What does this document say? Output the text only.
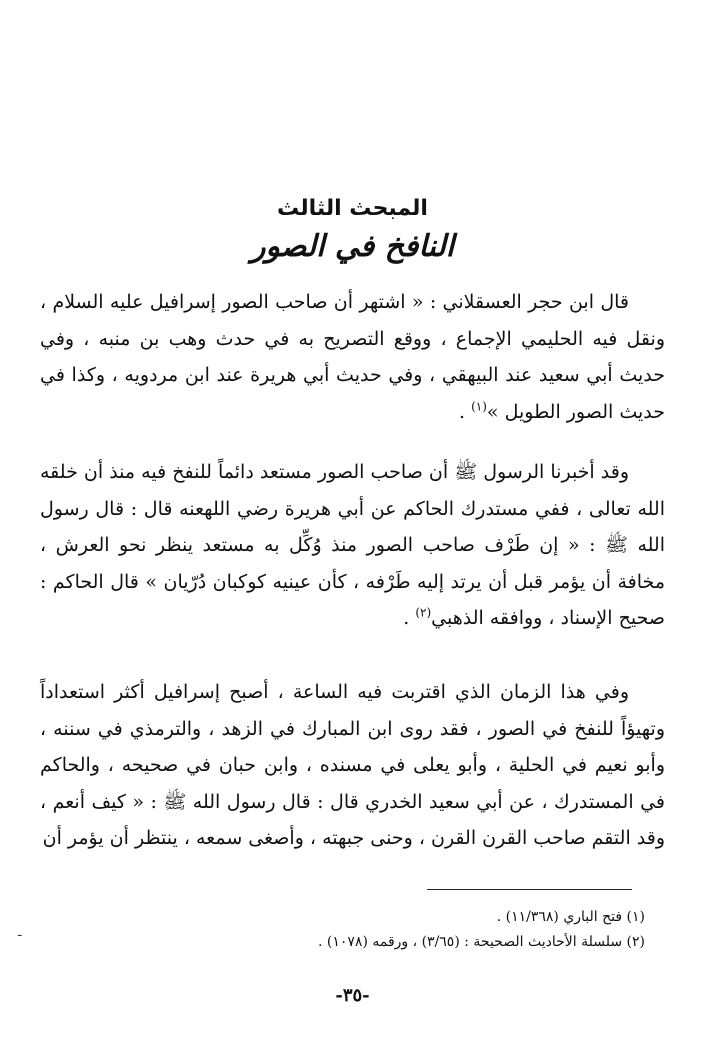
المبحث الثالث
النافخ في الصور

قال ابن حجر العسقلاني : « اشتهر أن صاحب الصور إسرافيل عليه السلام ، ونقل فيه الحليمي الإجماع ، ووقع التصريح به في حدث وهب بن منبه ، وفي حديث أبي سعيد عند البيهقي ، وفي حديث أبي هريرة عند ابن مردويه ، وكذا في حديث الصور الطويل »$^{(١)}$ .

وقد أخبرنا الرسول ﷺ أن صاحب الصور مستعد دائماً للنفخ فيه منذ أن خلقه الله تعالى ، ففي مستدرك الحاكم عن أبي هريرة رضي اللهعنه قال : قال رسول الله ﷺ : « إن طَرْف صاحب الصور منذ وُكِّل به مستعد ينظر نحو العرش ، مخافة أن يؤمر قبل أن يرتد إليه طَرْفه ، كأن عينيه كوكبان دُرّيان » قال الحاكم : صحيح الإسناد ، ووافقه الذهبي$^{(٢)}$ .

وفي هذا الزمان الذي اقتربت فيه الساعة ، أصبح إسرافيل أكثر استعداداً وتهيؤاً للنفخ في الصور ، فقد روى ابن المبارك في الزهد ، والترمذي في سننه ، وأبو نعيم في الحلية ، وأبو يعلى في مسنده ، وابن حبان في صحيحه ، والحاكم في المستدرك ، عن أبي سعيد الخدري قال : قال رسول الله ﷺ : « كيف أنعم ، وقد التقم صاحب القرن القرن ، وحنى جبهته ، وأصغى سمعه ، ينتظر أن يؤمر أن

(١) فتح الباري (١١/٣٦٨) .
(٢) سلسلة الأحاديث الصحيحة : (٣/٦٥) ، ورقمه (١٠٧٨) .
-٣٥-
ـ
